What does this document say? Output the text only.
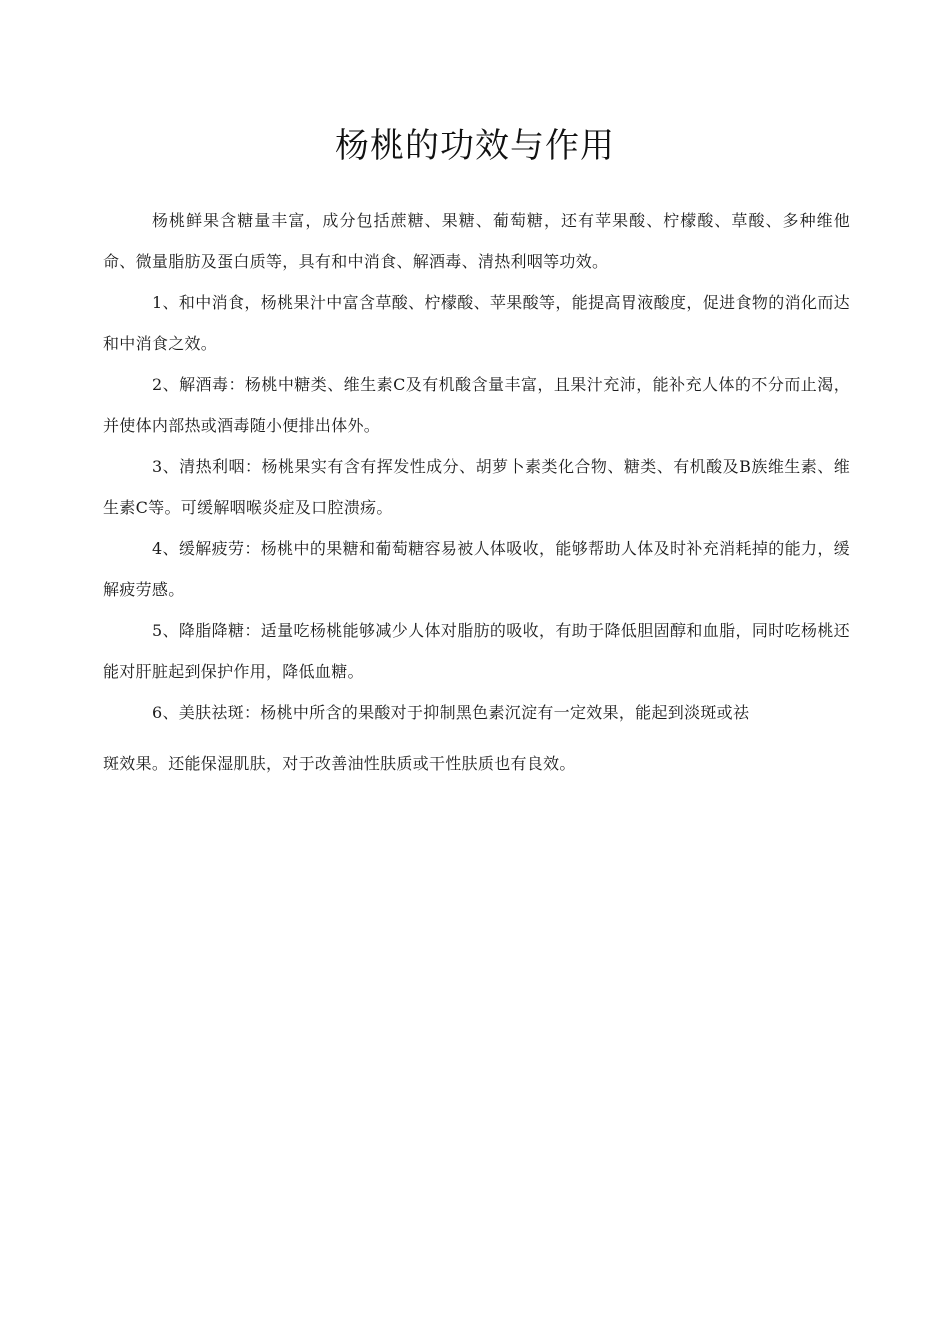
杨桃的功效与作用

杨桃鲜果含糖量丰富，成分包括蔗糖、果糖、葡萄糖，还有苹果酸、柠檬酸、草酸、多种维他命、微量脂肪及蛋白质等，具有和中消食、解酒毒、清热利咽等功效。

1、和中消食，杨桃果汁中富含草酸、柠檬酸、苹果酸等，能提高胃液酸度，促进食物的消化而达和中消食之效。

2、解酒毒：杨桃中糖类、维生素C及有机酸含量丰富，且果汁充沛，能补充人体的不分而止渴，并使体内部热或酒毒随小便排出体外。

3、清热利咽：杨桃果实有含有挥发性成分、胡萝卜素类化合物、糖类、有机酸及B族维生素、维生素C等。可缓解咽喉炎症及口腔溃疡。

4、缓解疲劳：杨桃中的果糖和葡萄糖容易被人体吸收，能够帮助人体及时补充消耗掉的能力，缓解疲劳感。

5、降脂降糖：适量吃杨桃能够减少人体对脂肪的吸收，有助于降低胆固醇和血脂，同时吃杨桃还能对肝脏起到保护作用，降低血糖。

6、美肤祛斑：杨桃中所含的果酸对于抑制黑色素沉淀有一定效果，能起到淡斑或祛

斑效果。还能保湿肌肤，对于改善油性肤质或干性肤质也有良效。
